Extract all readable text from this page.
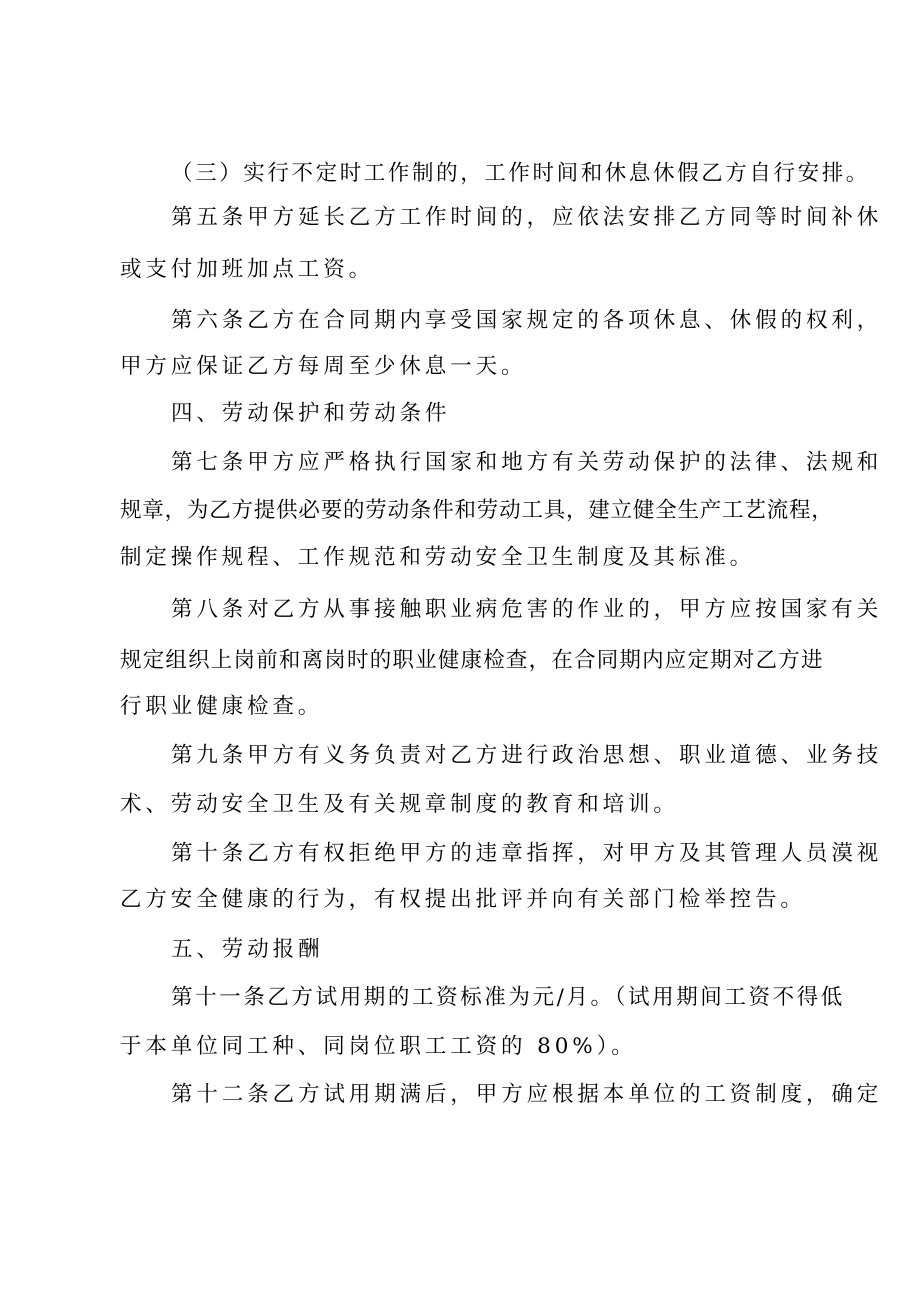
（三）实行不定时工作制的，工作时间和休息休假乙方自行安排。
第五条甲方延长乙方工作时间的，应依法安排乙方同等时间补休
或支付加班加点工资。
第六条乙方在合同期内享受国家规定的各项休息、休假的权利，
甲方应保证乙方每周至少休息一天。
四、劳动保护和劳动条件
第七条甲方应严格执行国家和地方有关劳动保护的法律、法规和
规章，为乙方提供必要的劳动条件和劳动工具，建立健全生产工艺流程，
制定操作规程、工作规范和劳动安全卫生制度及其标准。
第八条对乙方从事接触职业病危害的作业的，甲方应按国家有关
规定组织上岗前和离岗时的职业健康检查，在合同期内应定期对乙方进
行职业健康检查。
第九条甲方有义务负责对乙方进行政治思想、职业道德、业务技
术、劳动安全卫生及有关规章制度的教育和培训。
第十条乙方有权拒绝甲方的违章指挥，对甲方及其管理人员漠视
乙方安全健康的行为，有权提出批评并向有关部门检举控告。
五、劳动报酬
第十一条乙方试用期的工资标准为元/月。（试用期间工资不得低
于本单位同工种、同岗位职工工资的 80%）。
第十二条乙方试用期满后，甲方应根据本单位的工资制度，确定
